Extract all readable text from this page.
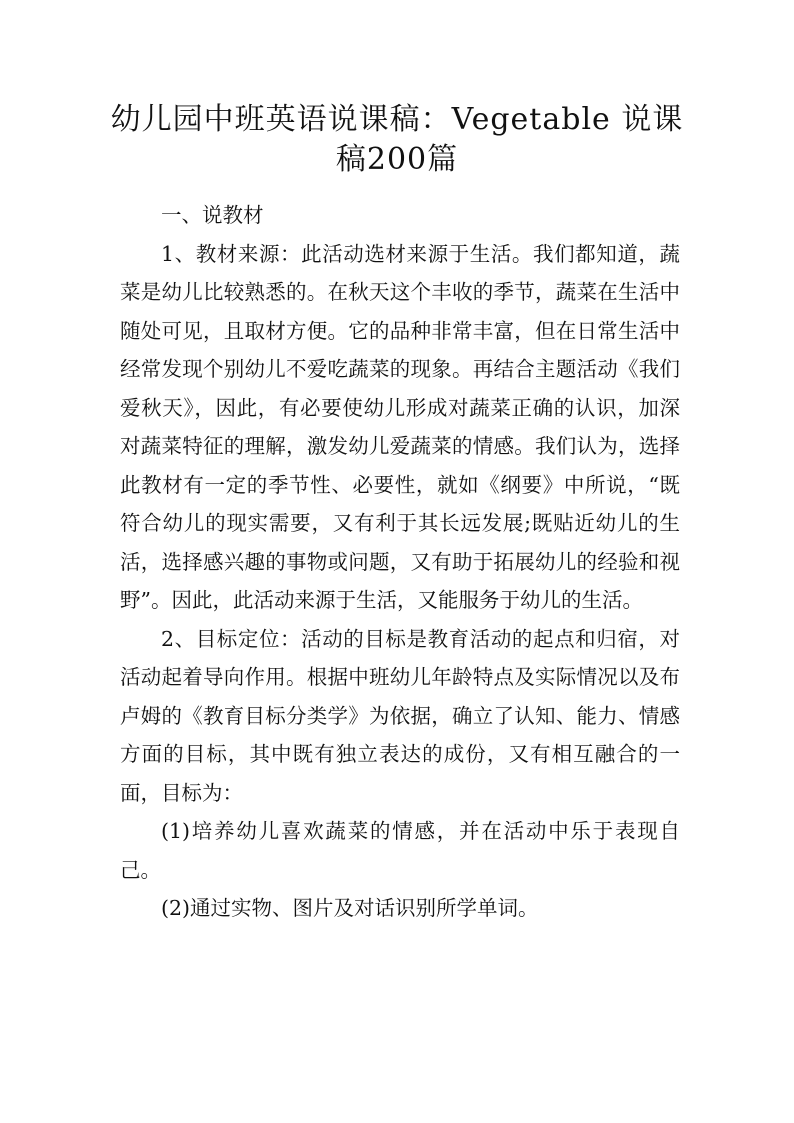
幼儿园中班英语说课稿：Vegetable 说课稿200篇

一、说教材

1、教材来源：此活动选材来源于生活。我们都知道，蔬菜是幼儿比较熟悉的。在秋天这个丰收的季节，蔬菜在生活中随处可见，且取材方便。它的品种非常丰富，但在日常生活中经常发现个别幼儿不爱吃蔬菜的现象。再结合主题活动《我们爱秋天》，因此，有必要使幼儿形成对蔬菜正确的认识，加深对蔬菜特征的理解，激发幼儿爱蔬菜的情感。我们认为，选择此教材有一定的季节性、必要性，就如《纲要》中所说，“既符合幼儿的现实需要，又有利于其长远发展;既贴近幼儿的生活，选择感兴趣的事物或问题，又有助于拓展幼儿的经验和视野”。因此，此活动来源于生活，又能服务于幼儿的生活。

2、目标定位：活动的目标是教育活动的起点和归宿，对活动起着导向作用。根据中班幼儿年龄特点及实际情况以及布卢姆的《教育目标分类学》为依据，确立了认知、能力、情感方面的目标，其中既有独立表达的成份，又有相互融合的一面，目标为：

(1)培养幼儿喜欢蔬菜的情感，并在活动中乐于表现自己。

(2)通过实物、图片及对话识别所学单词。
